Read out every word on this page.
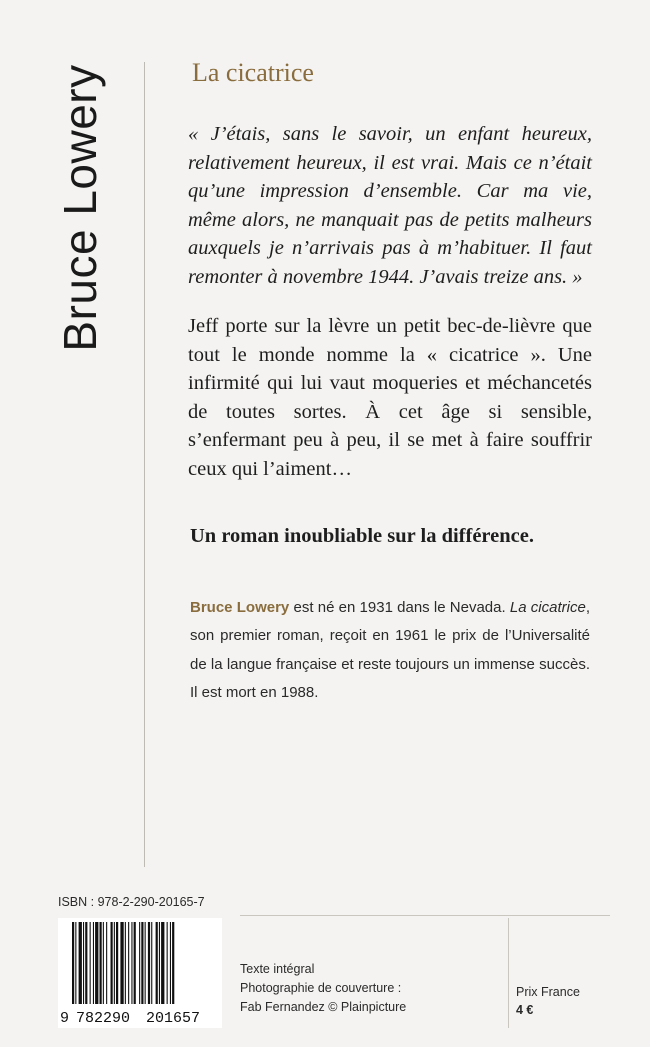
Bruce Lowery	La cicatrice

« J’étais, sans le savoir, un enfant heureux, relativement heureux, il est vrai. Mais ce n’était qu’une impression d’ensemble. Car ma vie, même alors, ne manquait pas de petits malheurs auxquels je n’arrivais pas à m’habituer. Il faut remonter à novembre 1944. J’avais treize ans. »

Jeff porte sur la lèvre un petit bec-de-lièvre que tout le monde nomme la « cicatrice ». Une infirmité qui lui vaut moqueries et méchancetés de toutes sortes. À cet âge si sensible, s’enfermant peu à peu, il se met à faire souffrir ceux qui l’aiment…

Un roman inoubliable sur la différence.

Bruce Lowery est né en 1931 dans le Nevada. La cicatrice, son premier roman, reçoit en 1961 le prix de l’Universalité de la langue française et reste toujours un immense succès. Il est mort en 1988.

ISBN : 978-2-290-20165-7
9 782290 201657
Texte intégral
Photographie de couverture :
Fab Fernandez © Plainpicture
Prix France
4 €
